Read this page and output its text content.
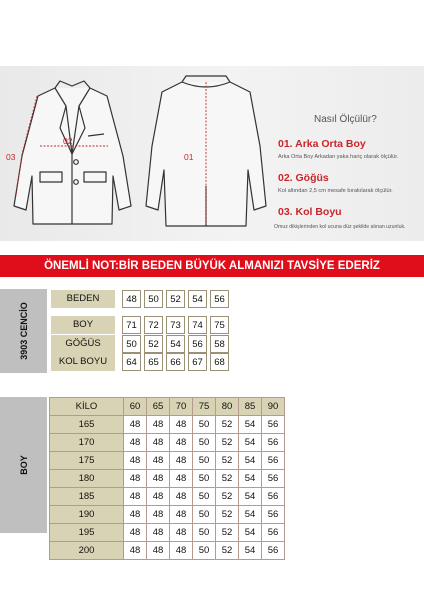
03
02
01
Nasıl Ölçülür?
01. Arka Orta Boy
Arka Orta Boy Arkadan yaka hariç olarak ölçülür.
02. Göğüs
Kol altından 2,5 cm mesafe bırakılarak ölçülür.
03. Kol Boyu
Omuz dikişlerinden kol ucuna düz şekilde alınan uzunluk.
ÖNEMLİ NOT:BİR BEDEN BÜYÜK ALMANIZI TAVSİYE EDERİZ
3903 CENCİO
BEDEN	48	50	52	54	56
BOY	71	72	73	74	75
GÖĞÜS	50	52	54	56	58
KOL BOYU	64	65	66	67	68
BOY
KİLO	60	65	70	75	80	85	90
165	48	48	48	50	52	54	56
170	48	48	48	50	52	54	56
175	48	48	48	50	52	54	56
180	48	48	48	50	52	54	56
185	48	48	48	50	52	54	56
190	48	48	48	50	52	54	56
195	48	48	48	50	52	54	56
200	48	48	48	50	52	54	56
